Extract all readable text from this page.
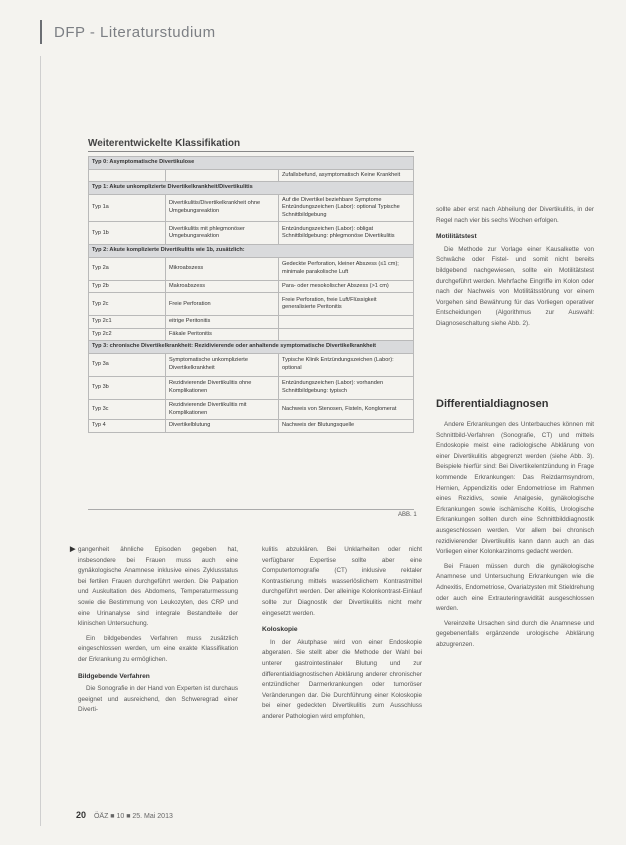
DFP - Literaturstudium
Weiterentwickelte Klassifikation
Typ 0: Asymptomatische Divertikulose		
		Zufallsbefund, asymptomatisch Keine Krankheit
Typ 1: Akute unkomplizierte Divertikelkrankheit/Divertikulitis		
Typ 1a	Divertikulitis/Divertikelkrankheit ohne Umgebungsreaktion	Auf die Divertikel beziehbare Symptome Entzündungszeichen (Labor): optional Typische Schnittbildgebung
Typ 1b	Divertikulitis mit phlegmonöser Umgebungsreaktion	Entzündungszeichen (Labor): obligat Schnittbildgebung: phlegmonöse Divertikulitis
Typ 2: Akute komplizierte Divertikulitis wie 1b, zusätzlich:		
Typ 2a	Mikroabszess	Gedeckte Perforation, kleiner Abszess (≤1 cm); minimale parakolische Luft
Typ 2b	Makroabszess	Para- oder mesokolischer Abszess (>1 cm)
Typ 2c	Freie Perforation	Freie Perforation, freie Luft/Flüssigkeit generalisierte Peritonitis
Typ 2c1	eitrige Peritonitis	
Typ 2c2	Fäkale Peritonitis	
Typ 3: chronische Divertikelkrankheit: Rezidivierende oder anhaltende symptomatische Divertikelkrankheit		
Typ 3a	Symptomatische unkomplizierte Divertikelkrankheit	Typische Klinik Entzündungszeichen (Labor): optional
Typ 3b	Rezidivierende Divertikulitis ohne Komplikationen	Entzündungszeichen (Labor): vorhanden Schnittbildgebung: typisch
Typ 3c	Rezidivierende Divertikulitis mit Komplikationen	Nachweis von Stenosen, Fisteln, Konglomerat
Typ 4	Divertikelblutung	Nachweis der Blutungsquelle
ABB. 1
▶ gangenheit ähnliche Episoden gegeben hat, insbesondere bei Frauen muss auch eine gynäkologische Anamnese inklusive eines Zyklusstatus bei fertilen Frauen durchgeführt werden. Die Palpation und Auskultation des Abdomens, Temperaturmessung sowie die Bestimmung von Leukozyten, des CRP und eine Urinanalyse sind integrale Bestandteile der klinischen Untersuchung.

Ein bildgebendes Verfahren muss zusätzlich eingeschlossen werden, um eine exakte Klassifikation der Erkrankung zu ermöglichen.

Bildgebende Verfahren

Die Sonografie in der Hand von Experten ist durchaus geeignet und ausreichend, den Schweregrad einer Diverti-

kulitis abzuklären. Bei Unklarheiten oder nicht verfügbarer Expertise sollte aber eine Computertomografie (CT) inklusive rektaler Kontrastierung mittels wasserlöslichem Kontrastmittel durchgeführt werden. Der alleinige Kolonkontrast-Einlauf sollte zur Diagnostik der Divertikulitis nicht mehr eingesetzt werden.

Koloskopie

In der Akutphase wird von einer Endoskopie abgeraten. Sie stellt aber die Methode der Wahl bei unterer gastrointestinaler Blutung und zur differentialdiagnostischen Abklärung anderer chronischer entzündlicher Darmerkrankungen oder tumoröser Veränderungen dar. Die Durchführung einer Koloskopie bei einer gedeckten Divertikulitis zum Ausschluss anderer Pathologien wird empfohlen,

sollte aber erst nach Abheilung der Divertikulitis, in der Regel nach vier bis sechs Wochen erfolgen.

Motilitätstest

Die Methode zur Vorlage einer Kausalkette von Schwäche oder Fistel- und somit nicht bereits bildgebend nachgewiesen, sollte ein Motilitätstest durchgeführt werden. Mehrfache Eingriffe im Kolon oder nach der Nachweis von Motilitätsstörung vor einem Vorgehen sind Bewährung für das Vorliegen operativer Entscheidungen (Algorithmus zur Auswahl: Diagnoseschaltung siehe Abb. 2).

Differentialdiagnosen

Andere Erkrankungen des Unterbauches können mit Schnittbild-Verfahren (Sonografie, CT) und mittels Endoskopie meist eine radiologische Abklärung von einer Divertikulitis abgegrenzt werden (siehe Abb. 3). Beispiele hierfür sind: Bei Divertikelentzündung in Frage kommende Erkrankungen: Das Reizdarmsyndrom, Hernien, Appendizitis oder Endometriose im Rahmen eines Rezidivs, sowie Analgesie, gynäkologische Erkrankungen sowie ischämische Kolitis, Urologische Erkrankungen sollten durch eine Schnittbilddiagnostik ausgeschlossen werden. Vor allem bei chronisch rezidivierender Divertikulitis kann dann auch an das Vorliegen einer Kolonkarzinoms gedacht werden.

Bei Frauen müssen durch die gynäkologische Anamnese und Untersuchung Erkrankungen wie die Adnexitis, Endometriose, Ovarialzysten mit Stieldrehung oder auch eine Extrauteringravidität ausgeschlossen werden.

Vereinzelte Ursachen sind durch die Anamnese und gegebenenfalls ergänzende urologische Abklärung abzugrenzen.

20 ÖÄZ ■ 10 ■ 25. Mai 2013
